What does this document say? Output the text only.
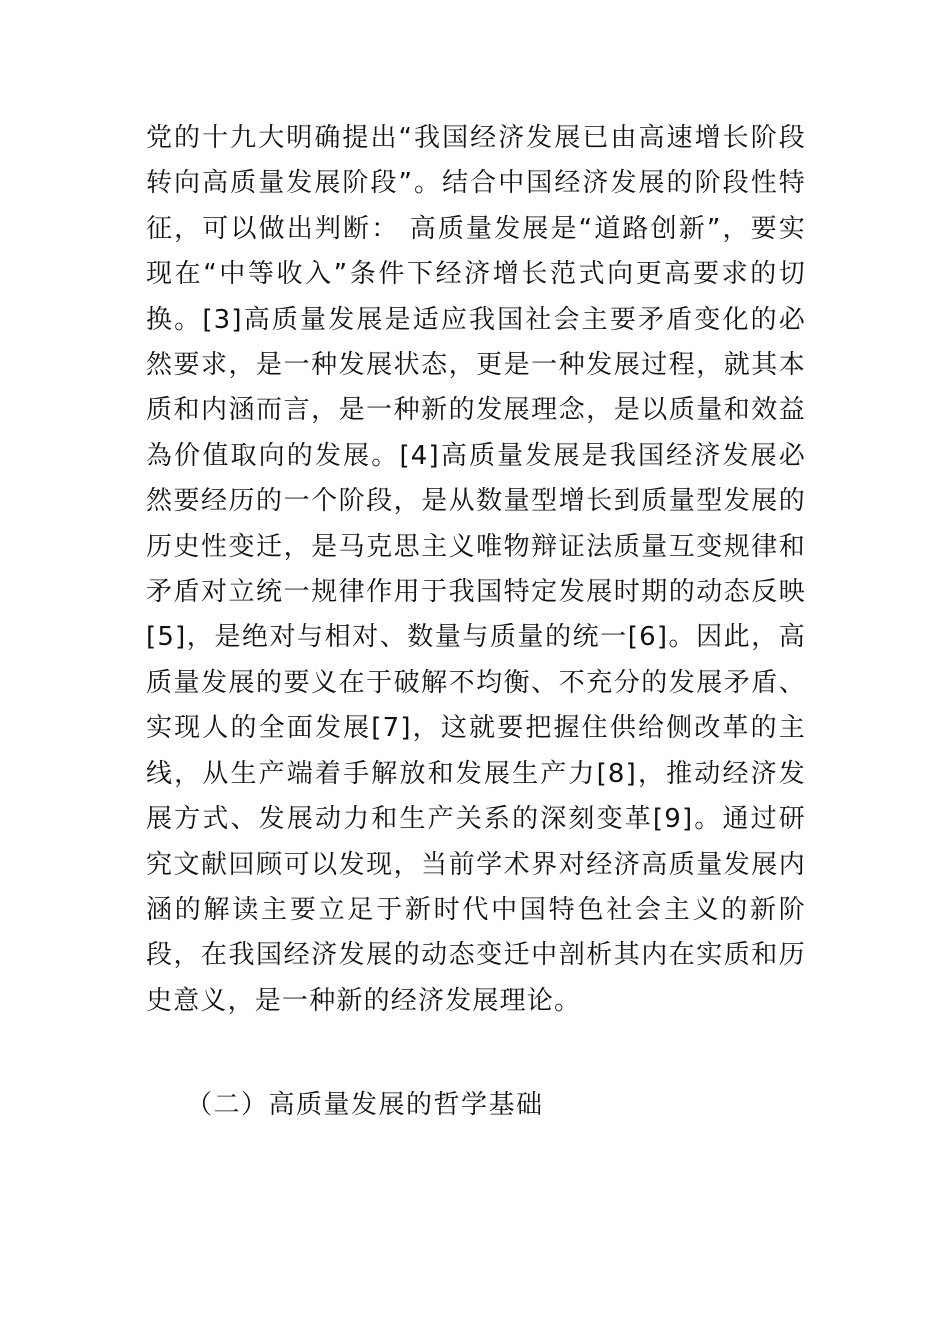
党的十九大明确提出“我国经济发展已由高速增长阶段转向高质量发展阶段”。结合中国经济发展的阶段性特征，可以做出判断： 高质量发展是“道路创新”，要实现在“中等收入”条件下经济增长范式向更高要求的切换。[3]高质量发展是适应我国社会主要矛盾变化的必然要求，是一种发展状态，更是一种发展过程，就其本质和内涵而言，是一种新的发展理念，是以质量和效益為价值取向的发展。[4]高质量发展是我国经济发展必然要经历的一个阶段，是从数量型增长到质量型发展的历史性变迁，是马克思主义唯物辩证法质量互变规律和矛盾对立统一规律作用于我国特定发展时期的动态反映[5]，是绝对与相对、数量与质量的统一[6]。因此，高质量发展的要义在于破解不均衡、不充分的发展矛盾、实现人的全面发展[7]，这就要把握住供给侧改革的主线，从生产端着手解放和发展生产力[8]，推动经济发展方式、发展动力和生产关系的深刻变革[9]。通过研究文献回顾可以发现，当前学术界对经济高质量发展内涵的解读主要立足于新时代中国特色社会主义的新阶段，在我国经济发展的动态变迁中剖析其内在实质和历史意义，是一种新的经济发展理论。

（二）高质量发展的哲学基础
